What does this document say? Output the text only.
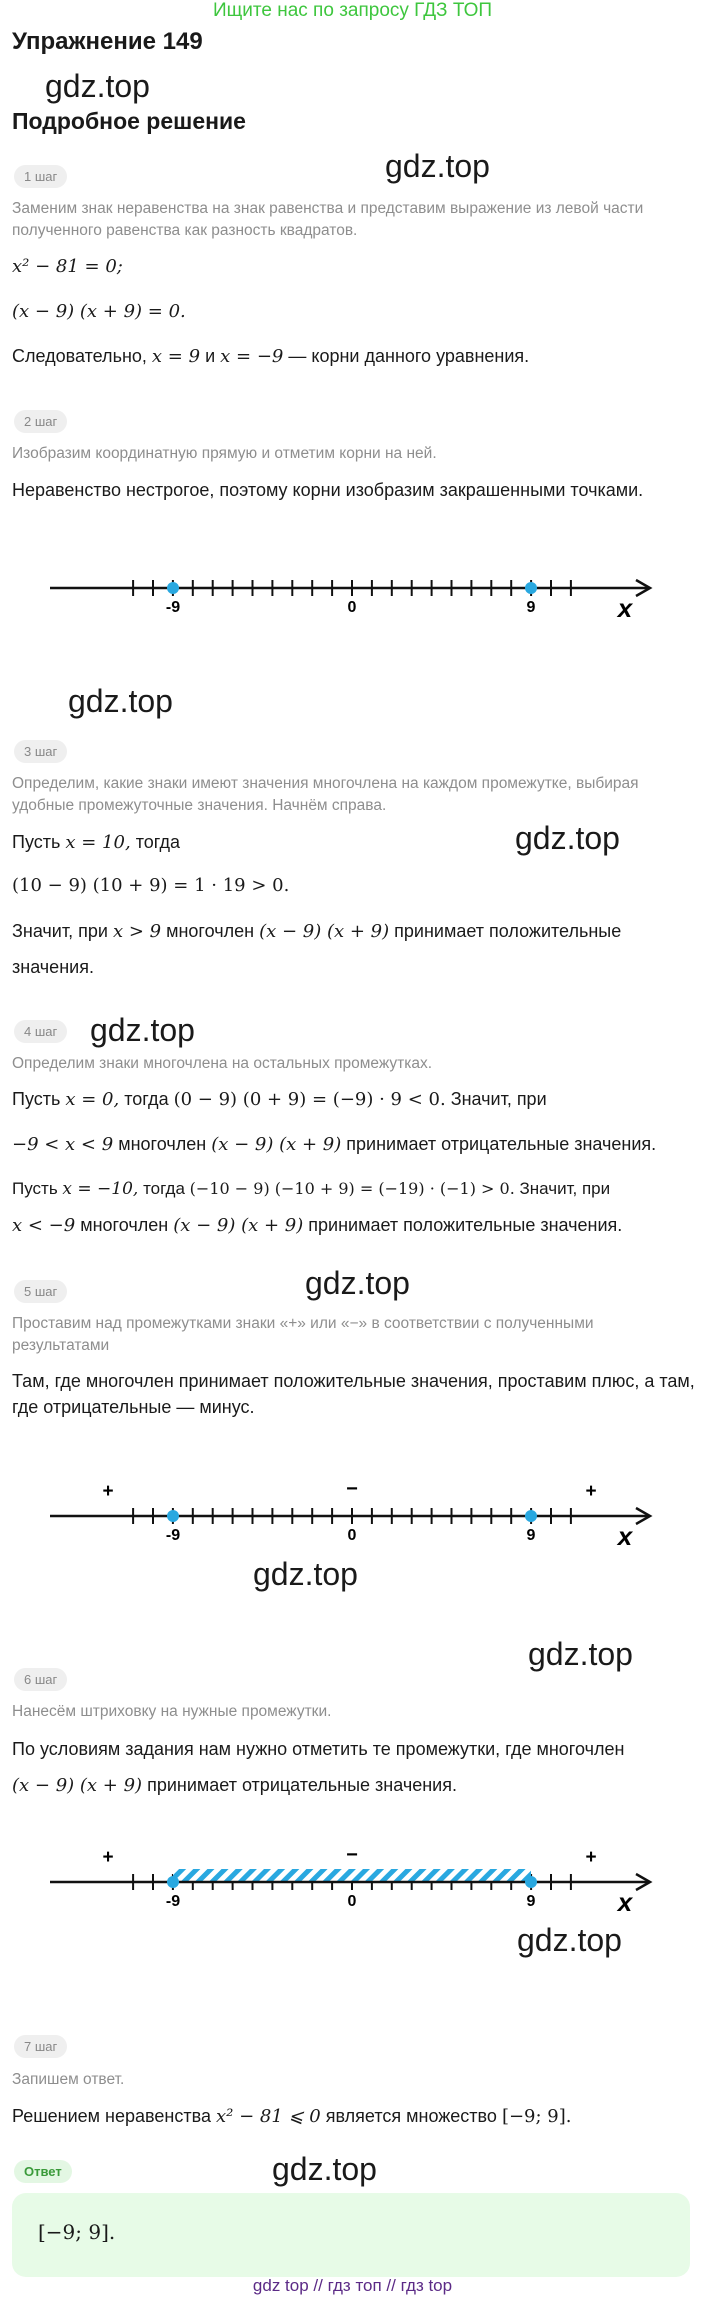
Ищите нас по запросу ГДЗ ТОП
Упражнение 149
gdz.top
Подробное решение
gdz.top
1 шаг
Заменим знак неравенства на знак равенства и представим выражение из левой части полученного равенства как разность квадратов.
x² − 81 = 0;
(x − 9) (x + 9) = 0.
Следовательно, x = 9 и x = −9 — корни данного уравнения.
2 шаг
Изобразим координатную прямую и отметим корни на ней.
Неравенство нестрогое, поэтому корни изобразим закрашенными точками.
-9	0	9	x
gdz.top
3 шаг
Определим, какие знаки имеют значения многочлена на каждом промежутке, выбирая удобные промежуточные значения. Начнём справа.
Пусть x = 10, тогда	gdz.top
(10 − 9) (10 + 9) = 1 · 19 > 0.
Значит, при x > 9 многочлен (x − 9) (x + 9) принимает положительные
значения.
4 шаг	gdz.top
Определим знаки многочлена на остальных промежутках.
Пусть x = 0, тогда (0 − 9) (0 + 9) = (−9) · 9 < 0. Значит, при
−9 < x < 9 многочлен (x − 9) (x + 9) принимает отрицательные значения.
Пусть x = −10, тогда (−10 − 9) (−10 + 9) = (−19) · (−1) > 0. Значит, при
x < −9 многочлен (x − 9) (x + 9) принимает положительные значения.
gdz.top
5 шаг
Проставим над промежутками знаки «+» или «−» в соответствии с полученными результатами
Там, где многочлен принимает положительные значения, проставим плюс, а там, где отрицательные — минус.
+	−	+
-9	0	9	x
gdz.top
gdz.top
6 шаг
Нанесём штриховку на нужные промежутки.
По условиям задания нам нужно отметить те промежутки, где многочлен
(x − 9) (x + 9) принимает отрицательные значения.
+	−	+
-9	0	9	x
gdz.top
7 шаг
Запишем ответ.
Решением неравенства x² − 81 ⩽ 0 является множество [−9; 9].
Ответ	gdz.top
[−9; 9].
gdz top // гдз топ // гдз top
